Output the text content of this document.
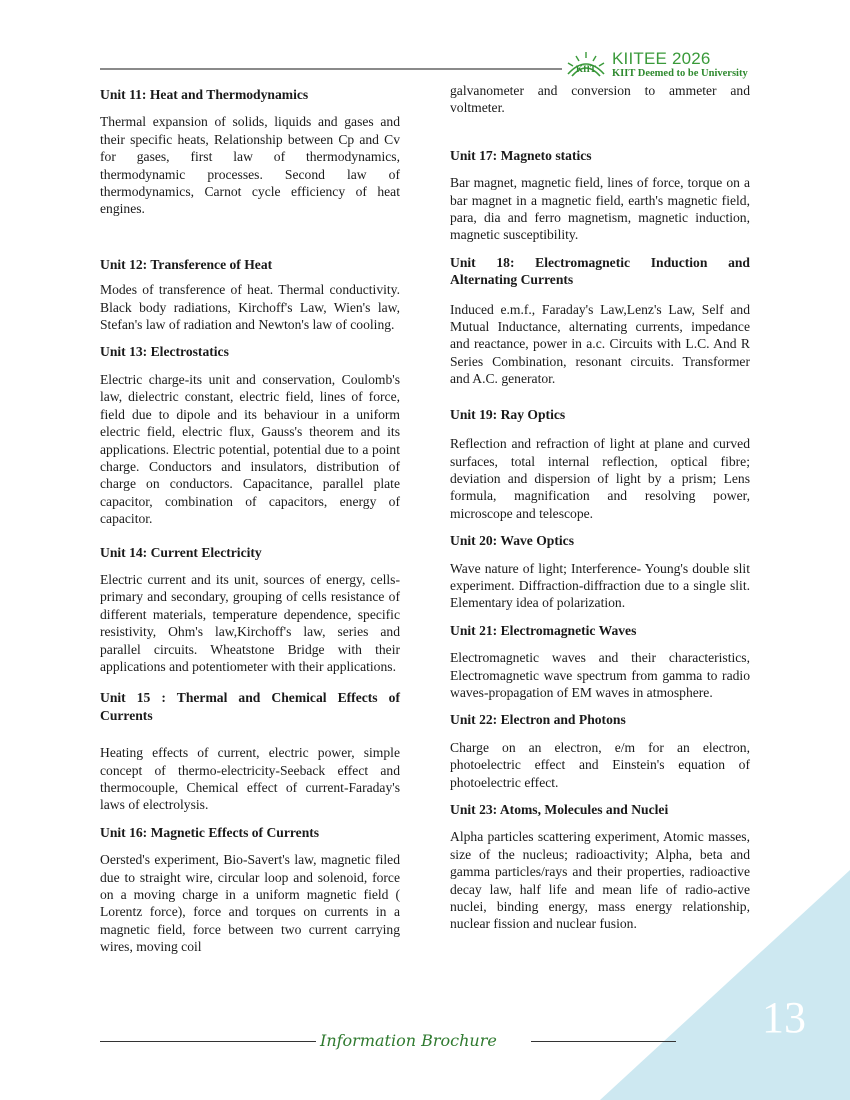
KIIT
KIITEE 2026
KIIT Deemed to be University

Unit 11: Heat and Thermodynamics

Thermal expansion of solids, liquids and gases and their specific heats, Relationship between Cp and Cv for gases, first law of thermodynamics, thermodynamic processes. Second law of thermodynamics, Carnot cycle efficiency of heat engines.

Unit 12: Transference of Heat

Modes of transference of heat. Thermal conductivity. Black body radiations, Kirchoff's Law, Wien's law, Stefan's law of radiation and Newton's law of cooling.

Unit 13: Electrostatics

Electric charge-its unit and conservation, Coulomb's law, dielectric constant, electric field, lines of force, field due to dipole and its behaviour in a uniform electric field, electric flux, Gauss's theorem and its applications. Electric potential, potential due to a point charge. Conductors and insulators, distribution of charge on conductors. Capacitance, parallel plate capacitor, combination of capacitors, energy of capacitor.

Unit 14: Current Electricity

Electric current and its unit, sources of energy, cells-primary and secondary, grouping of cells resistance of different materials, temperature dependence, specific resistivity, Ohm's law,Kirchoff's law, series and parallel circuits. Wheatstone Bridge with their applications and potentiometer with their applications.

Unit 15 : Thermal and Chemical Effects of Currents

Heating effects of current, electric power, simple concept of thermo-electricity-Seeback effect and thermocouple, Chemical effect of current-Faraday's laws of electrolysis.

Unit 16: Magnetic Effects of Currents

Oersted's experiment, Bio-Savert's law, magnetic filed due to straight wire, circular loop and solenoid, force on a moving charge in a uniform magnetic field ( Lorentz force), force and torques on currents in a magnetic field, force between two current carrying wires, moving coil

galvanometer and conversion to ammeter and voltmeter.

Unit 17: Magneto statics

Bar magnet, magnetic field, lines of force, torque on a bar magnet in a magnetic field, earth's magnetic field, para, dia and ferro magnetism, magnetic induction, magnetic susceptibility.

Unit 18: Electromagnetic Induction and Alternating Currents

Induced e.m.f., Faraday's Law,Lenz's Law, Self and Mutual Inductance, alternating currents, impedance and reactance, power in a.c. Circuits with L.C. And R Series Combination, resonant circuits. Transformer and A.C. generator.

Unit 19: Ray Optics

Reflection and refraction of light at plane and curved surfaces, total internal reflection, optical fibre; deviation and dispersion of light by a prism; Lens formula, magnification and resolving power, microscope and telescope.

Unit 20: Wave Optics

Wave nature of light; Interference- Young's double slit experiment. Diffraction-diffraction due to a single slit. Elementary idea of polarization.

Unit 21: Electromagnetic Waves

Electromagnetic waves and their characteristics, Electromagnetic wave spectrum from gamma to radio waves-propagation of EM waves in atmosphere.

Unit 22: Electron and Photons

Charge on an electron, e/m for an electron, photoelectric effect and Einstein's equation of photoelectric effect.

Unit 23: Atoms, Molecules and Nuclei

Alpha particles scattering experiment, Atomic masses, size of the nucleus; radioactivity; Alpha, beta and gamma particles/rays and their properties, radioactive decay law, half life and mean life of radio-active nuclei, binding energy, mass energy relationship, nuclear fission and nuclear fusion.

13
Information Brochure
